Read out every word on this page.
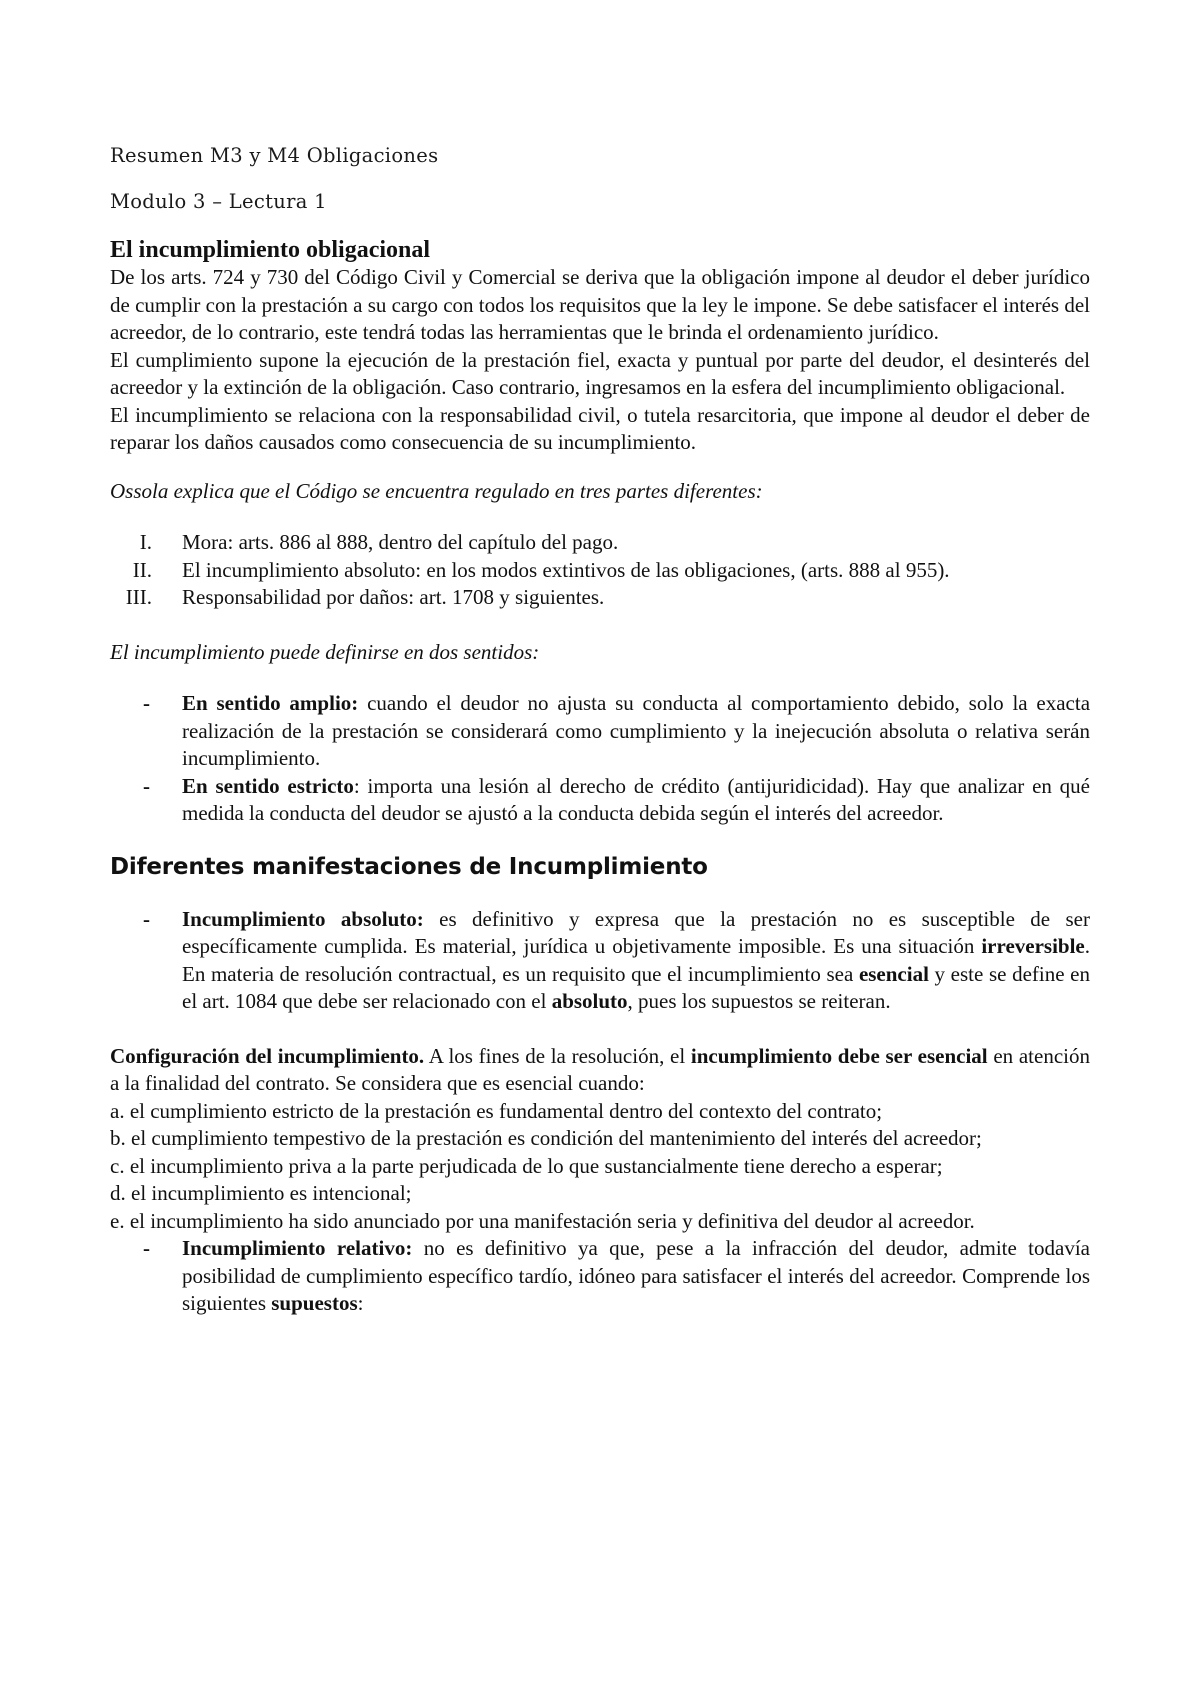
Resumen M3 y M4 Obligaciones

Modulo 3 – Lectura 1

El incumplimiento obligacional

De los arts. 724 y 730 del Código Civil y Comercial se deriva que la obligación impone al deudor el deber jurídico de cumplir con la prestación a su cargo con todos los requisitos que la ley le impone. Se debe satisfacer el interés del acreedor, de lo contrario, este tendrá todas las herramientas que le brinda el ordenamiento jurídico.

El cumplimiento supone la ejecución de la prestación fiel, exacta y puntual por parte del deudor, el desinterés del acreedor y la extinción de la obligación. Caso contrario, ingresamos en la esfera del incumplimiento obligacional.

El incumplimiento se relaciona con la responsabilidad civil, o tutela resarcitoria, que impone al deudor el deber de reparar los daños causados como consecuencia de su incumplimiento.

Ossola explica que el Código se encuentra regulado en tres partes diferentes:

I. Mora: arts. 886 al 888, dentro del capítulo del pago.
II. El incumplimiento absoluto: en los modos extintivos de las obligaciones, (arts. 888 al 955).
III. Responsabilidad por daños: art. 1708 y siguientes.

El incumplimiento puede definirse en dos sentidos:

- En sentido amplio: cuando el deudor no ajusta su conducta al comportamiento debido, solo la exacta realización de la prestación se considerará como cumplimiento y la inejecución absoluta o relativa serán incumplimiento.
- En sentido estricto: importa una lesión al derecho de crédito (antijuridicidad). Hay que analizar en qué medida la conducta del deudor se ajustó a la conducta debida según el interés del acreedor.
Diferentes manifestaciones de Incumplimiento
- Incumplimiento absoluto: es definitivo y expresa que la prestación no es susceptible de ser específicamente cumplida. Es material, jurídica u objetivamente imposible. Es una situación irreversible. En materia de resolución contractual, es un requisito que el incumplimiento sea esencial y este se define en el art. 1084 que debe ser relacionado con el absoluto, pues los supuestos se reiteran.

Configuración del incumplimiento. A los fines de la resolución, el incumplimiento debe ser esencial en atención a la finalidad del contrato. Se considera que es esencial cuando:

a. el cumplimiento estricto de la prestación es fundamental dentro del contexto del contrato;

b. el cumplimiento tempestivo de la prestación es condición del mantenimiento del interés del acreedor;

c. el incumplimiento priva a la parte perjudicada de lo que sustancialmente tiene derecho a esperar;

d. el incumplimiento es intencional;

e. el incumplimiento ha sido anunciado por una manifestación seria y definitiva del deudor al acreedor.

- Incumplimiento relativo: no es definitivo ya que, pese a la infracción del deudor, admite todavía posibilidad de cumplimiento específico tardío, idóneo para satisfacer el interés del acreedor. Comprende los siguientes supuestos:
